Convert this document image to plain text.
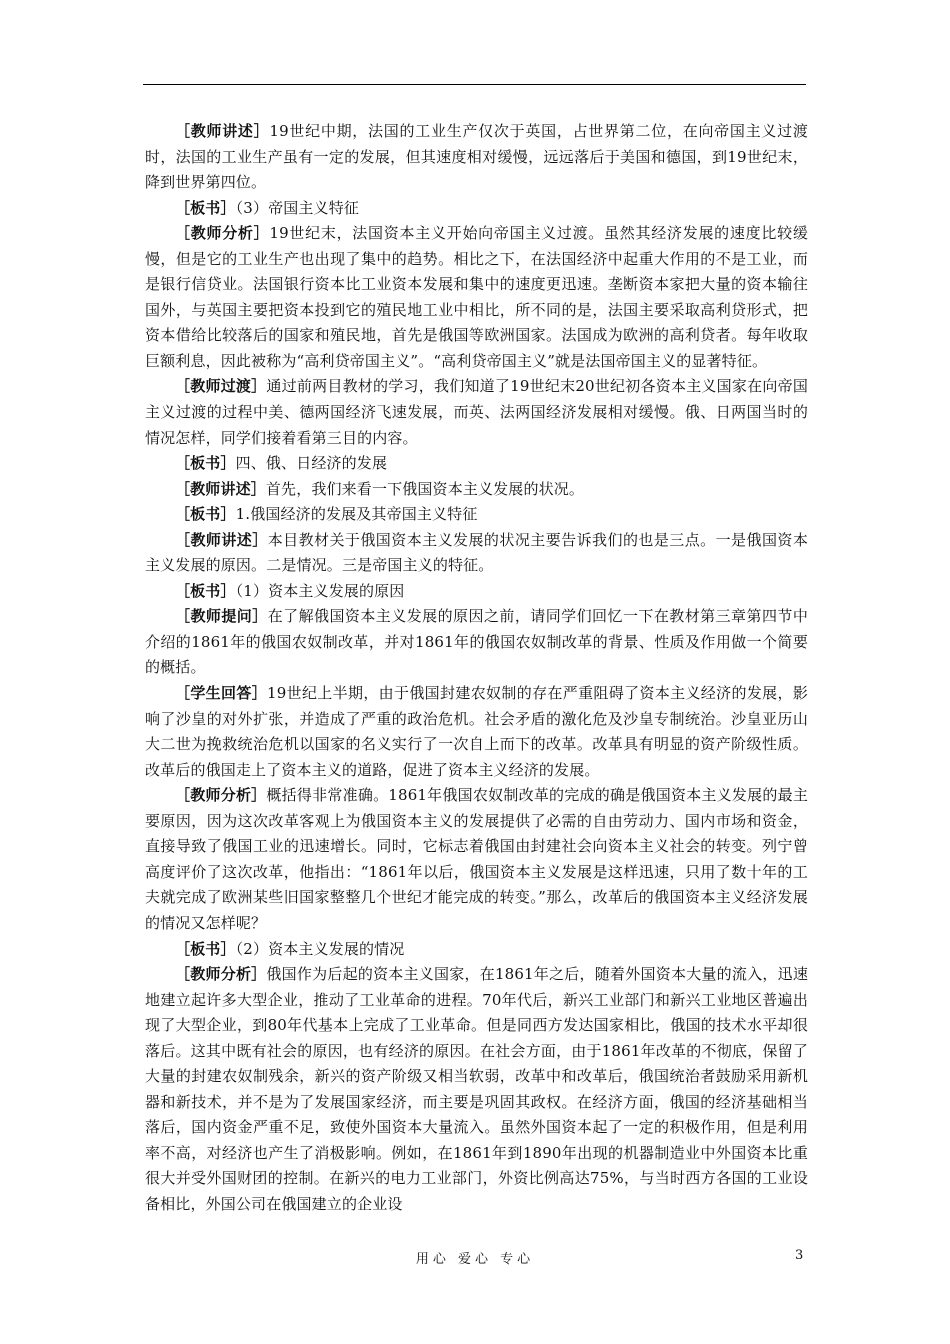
［教师讲述］19世纪中期，法国的工业生产仅次于英国，占世界第二位，在向帝国主义过渡时，法国的工业生产虽有一定的发展，但其速度相对缓慢，远远落后于美国和德国，到19世纪末，降到世界第四位。

［板书］（3）帝国主义特征

［教师分析］19世纪末，法国资本主义开始向帝国主义过渡。虽然其经济发展的速度比较缓慢，但是它的工业生产也出现了集中的趋势。相比之下，在法国经济中起重大作用的不是工业，而是银行信贷业。法国银行资本比工业资本发展和集中的速度更迅速。垄断资本家把大量的资本输往国外，与英国主要把资本投到它的殖民地工业中相比，所不同的是，法国主要采取高利贷形式，把资本借给比较落后的国家和殖民地，首先是俄国等欧洲国家。法国成为欧洲的高利贷者。每年收取巨额利息，因此被称为“高利贷帝国主义”。“高利贷帝国主义”就是法国帝国主义的显著特征。

［教师过渡］通过前两目教材的学习，我们知道了19世纪末20世纪初各资本主义国家在向帝国主义过渡的过程中美、德两国经济飞速发展，而英、法两国经济发展相对缓慢。俄、日两国当时的情况怎样，同学们接着看第三目的内容。

［板书］四、俄、日经济的发展

［教师讲述］首先，我们来看一下俄国资本主义发展的状况。

［板书］1.俄国经济的发展及其帝国主义特征

［教师讲述］本目教材关于俄国资本主义发展的状况主要告诉我们的也是三点。一是俄国资本主义发展的原因。二是情况。三是帝国主义的特征。

［板书］（1）资本主义发展的原因

［教师提问］在了解俄国资本主义发展的原因之前，请同学们回忆一下在教材第三章第四节中介绍的1861年的俄国农奴制改革，并对1861年的俄国农奴制改革的背景、性质及作用做一个简要的概括。

［学生回答］19世纪上半期，由于俄国封建农奴制的存在严重阻碍了资本主义经济的发展，影响了沙皇的对外扩张，并造成了严重的政治危机。社会矛盾的激化危及沙皇专制统治。沙皇亚历山大二世为挽救统治危机以国家的名义实行了一次自上而下的改革。改革具有明显的资产阶级性质。改革后的俄国走上了资本主义的道路，促进了资本主义经济的发展。

［教师分析］概括得非常准确。1861年俄国农奴制改革的完成的确是俄国资本主义发展的最主要原因，因为这次改革客观上为俄国资本主义的发展提供了必需的自由劳动力、国内市场和资金，直接导致了俄国工业的迅速增长。同时，它标志着俄国由封建社会向资本主义社会的转变。列宁曾高度评价了这次改革，他指出：“1861年以后，俄国资本主义发展是这样迅速，只用了数十年的工夫就完成了欧洲某些旧国家整整几个世纪才能完成的转变。”那么，改革后的俄国资本主义经济发展的情况又怎样呢？

［板书］（2）资本主义发展的情况

［教师分析］俄国作为后起的资本主义国家，在1861年之后，随着外国资本大量的流入，迅速地建立起许多大型企业，推动了工业革命的进程。70年代后，新兴工业部门和新兴工业地区普遍出现了大型企业，到80年代基本上完成了工业革命。但是同西方发达国家相比，俄国的技术水平却很落后。这其中既有社会的原因，也有经济的原因。在社会方面，由于1861年改革的不彻底，保留了大量的封建农奴制残余，新兴的资产阶级又相当软弱，改革中和改革后，俄国统治者鼓励采用新机器和新技术，并不是为了发展国家经济，而主要是巩固其政权。在经济方面，俄国的经济基础相当落后，国内资金严重不足，致使外国资本大量流入。虽然外国资本起了一定的积极作用，但是利用率不高，对经济也产生了消极影响。例如，在1861年到1890年出现的机器制造业中外国资本比重很大并受外国财团的控制。在新兴的电力工业部门，外资比例高达75%，与当时西方各国的工业设备相比，外国公司在俄国建立的企业设

用心 爱心 专心	3
